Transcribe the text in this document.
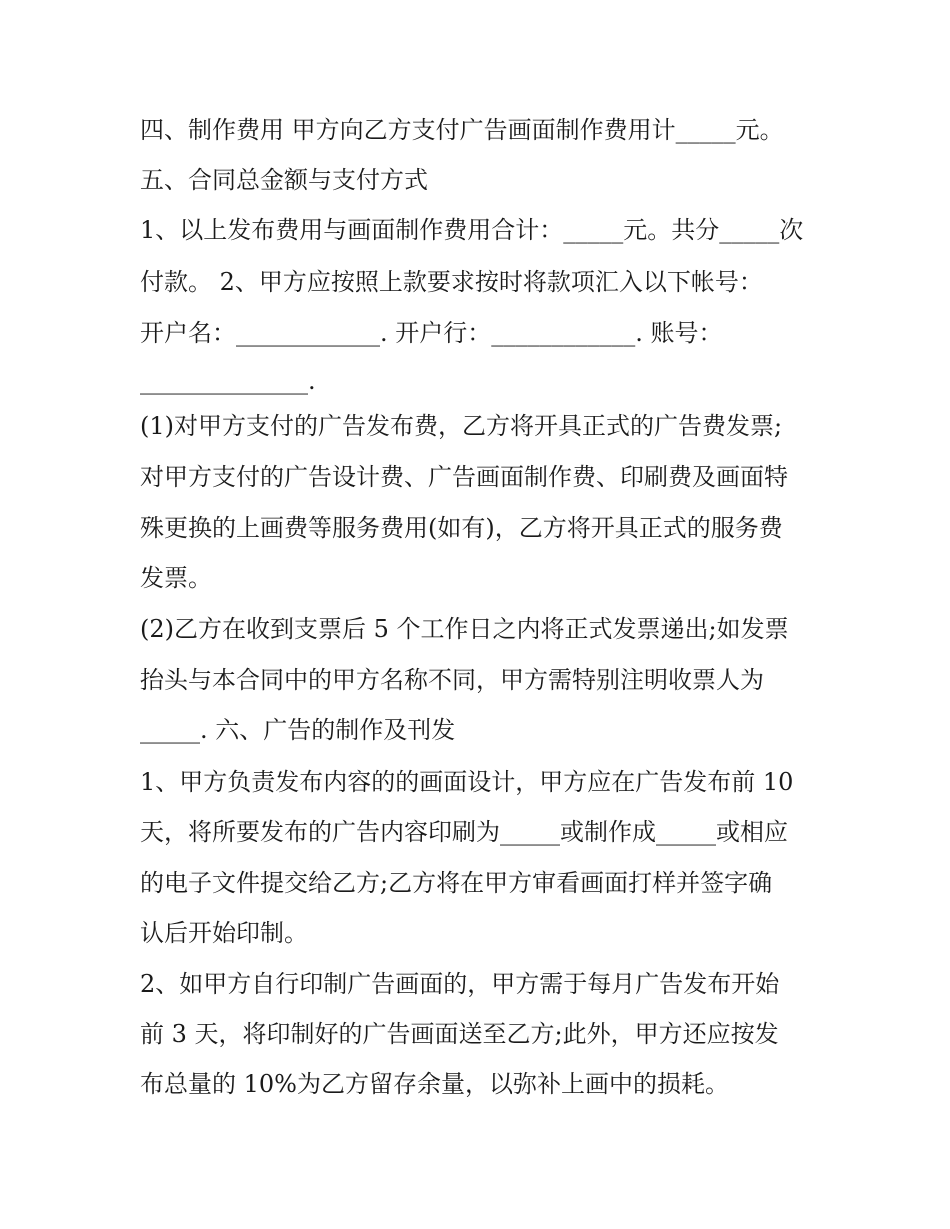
四、制作费用 甲方向乙方支付广告画面制作费用计_____元。
五、合同总金额与支付方式
1、以上发布费用与画面制作费用合计：_____元。共分_____次
付款。 2、甲方应按照上款要求按时将款项汇入以下帐号：
开户名：____________. 开户行：____________. 账号：
______________.
(1)对甲方支付的广告发布费，乙方将开具正式的广告费发票;
对甲方支付的广告设计费、广告画面制作费、印刷费及画面特
殊更换的上画费等服务费用(如有)，乙方将开具正式的服务费
发票。
(2)乙方在收到支票后 5 个工作日之内将正式发票递出;如发票
抬头与本合同中的甲方名称不同，甲方需特别注明收票人为
_____. 六、广告的制作及刊发
1、甲方负责发布内容的的画面设计，甲方应在广告发布前 10
天，将所要发布的广告内容印刷为_____或制作成_____或相应
的电子文件提交给乙方;乙方将在甲方审看画面打样并签字确
认后开始印制。
2、如甲方自行印制广告画面的，甲方需于每月广告发布开始
前 3 天，将印制好的广告画面送至乙方;此外，甲方还应按发
布总量的 10%为乙方留存余量，以弥补上画中的损耗。
